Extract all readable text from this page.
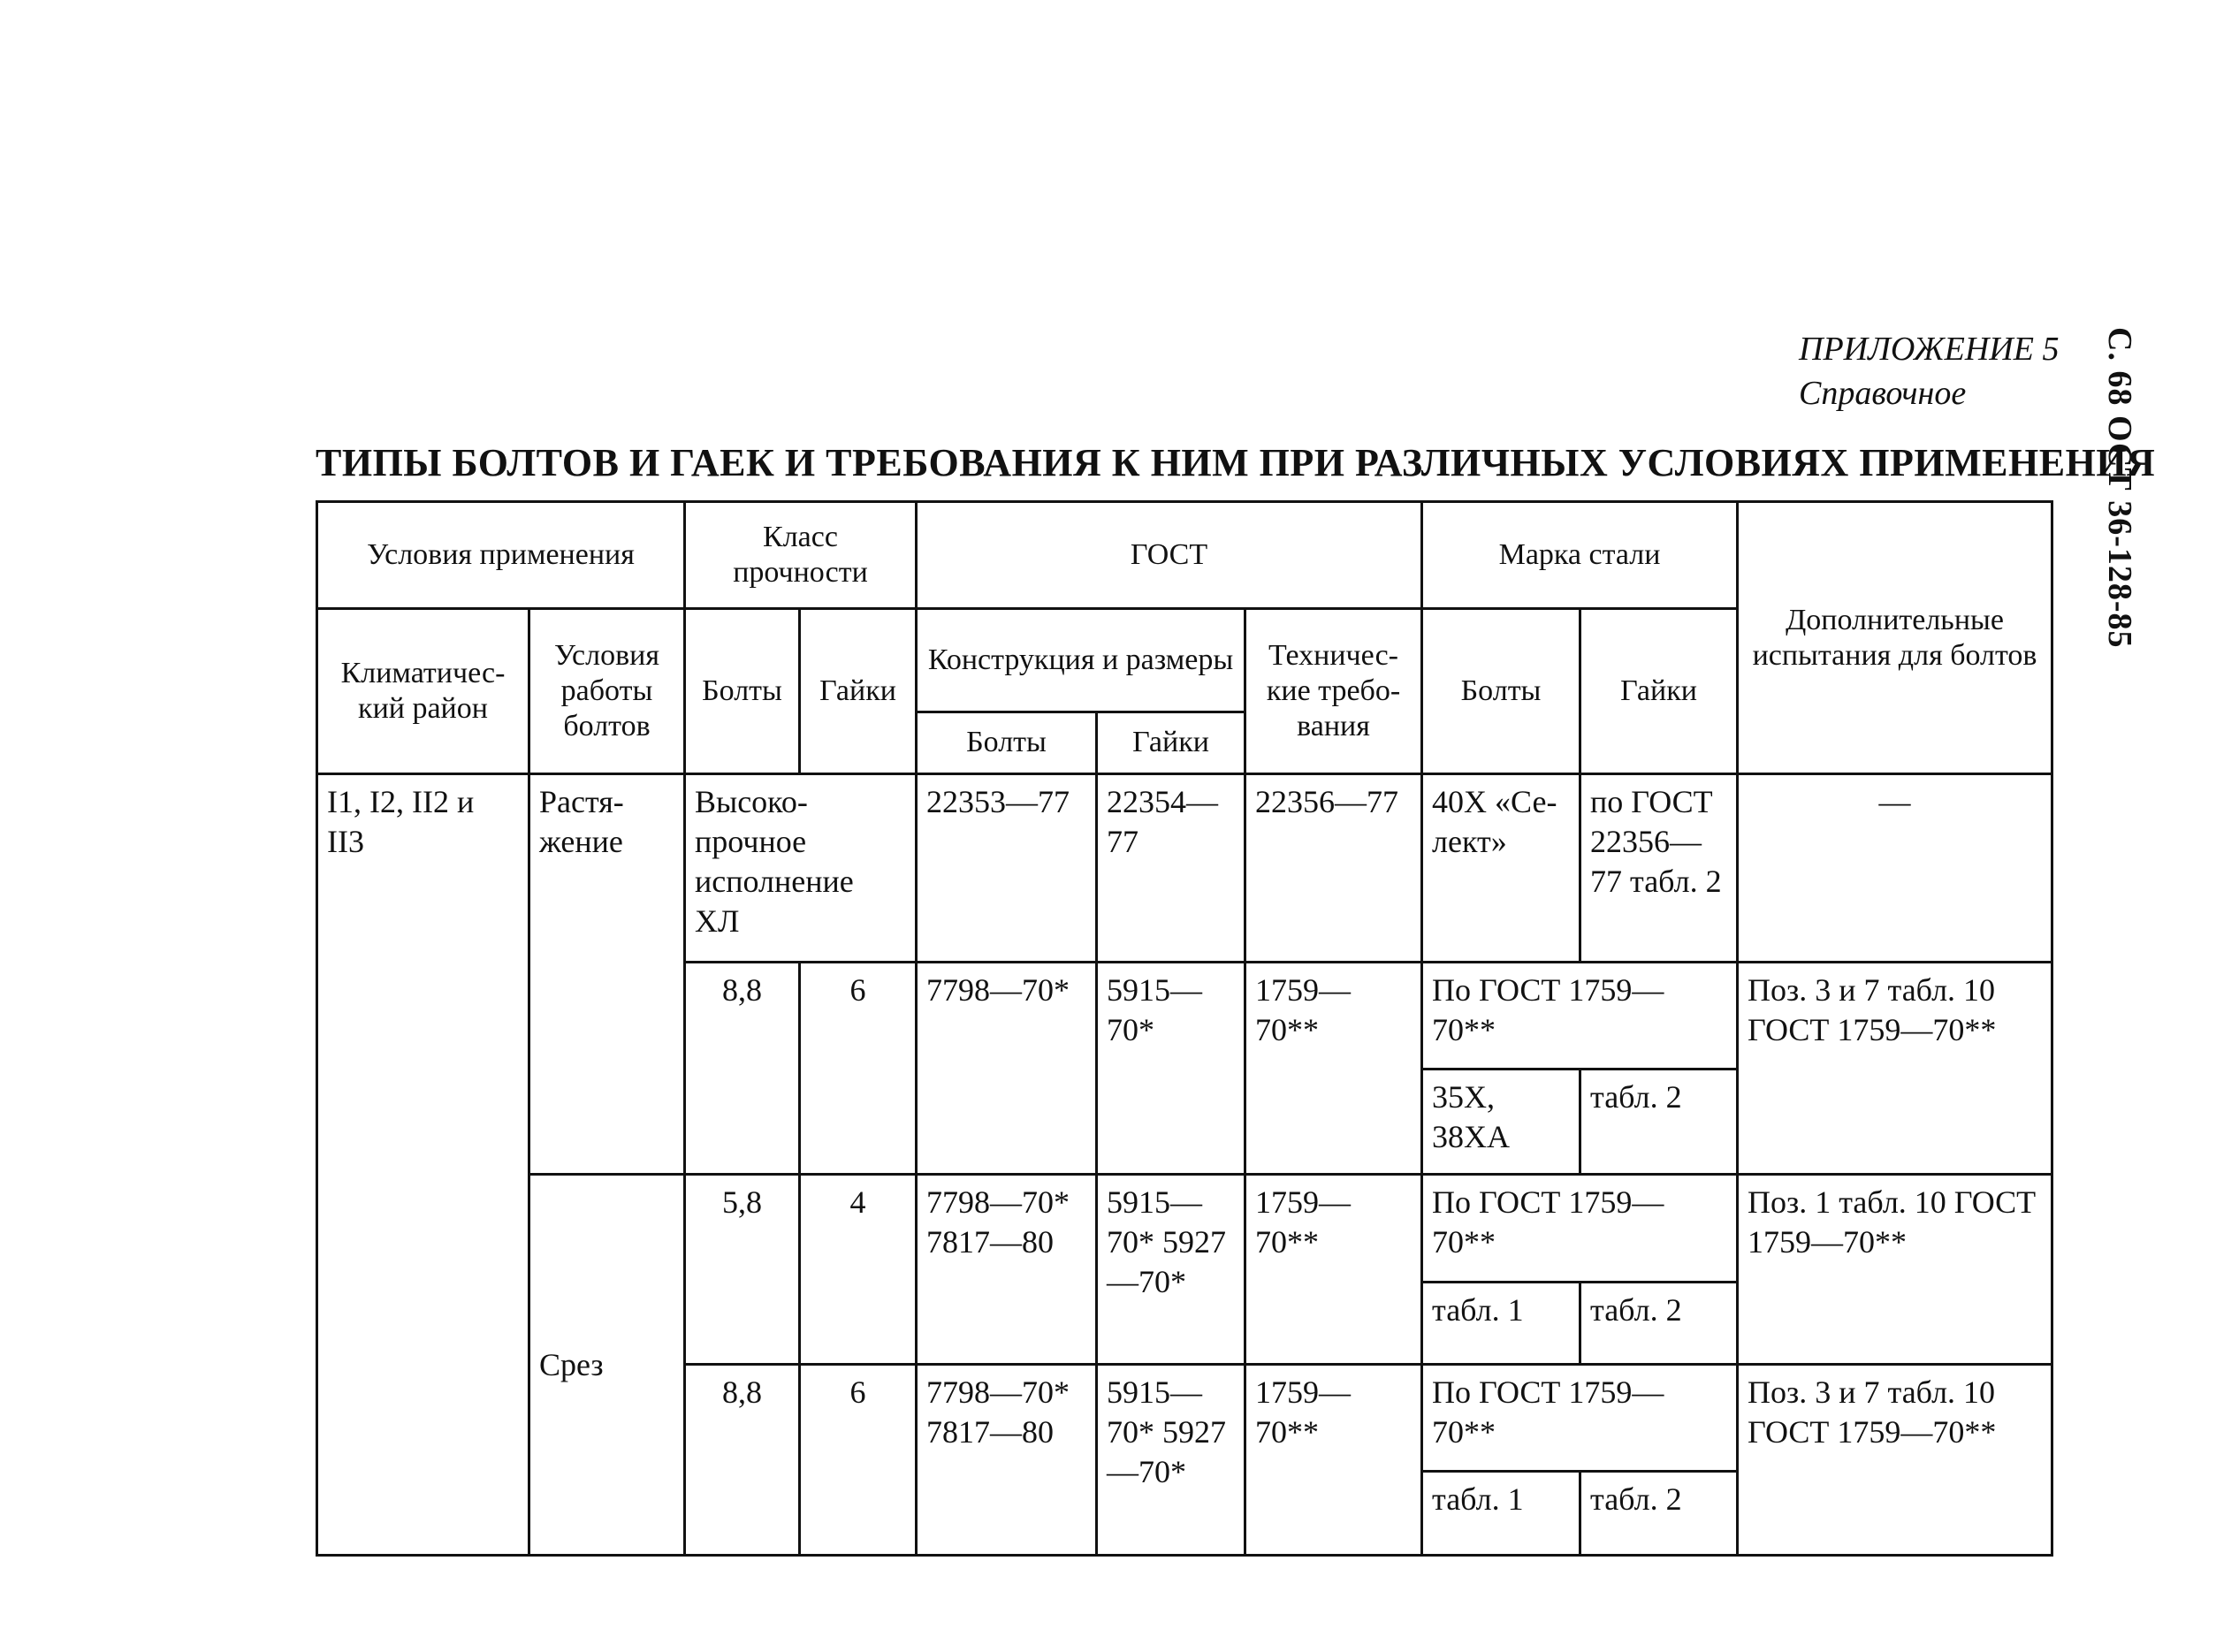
ПРИЛОЖЕНИЕ 5
Справочное	С. 68 ОСТ 36-128-85
ТИПЫ БОЛТОВ И ГАЕК И ТРЕБОВАНИЯ К НИМ ПРИ РАЗЛИЧНЫХ УСЛОВИЯХ ПРИМЕНЕНИЯ
Условия применения		Класс прочности		ГОСТ			Марка стали		Дополнительные испытания для болтов
Климатичес-кий район	Условия работы болтов	Болты	Гайки	Конструкция и размеры		Техничес-кие требо-вания	Болты	Гайки	
				Болты	Гайки				
I1, I2, II2 и II3	Растя-жение	Высоко-прочное исполнение ХЛ		22353—77	22354—77	22356—77	40Х «Се-лект»	по ГОСТ 22356—77 табл. 2	—
		8,8	6	7798—70*	5915—70*	1759—70**	По ГОСТ 1759—70**		Поз. 3 и 7 табл. 10 ГОСТ 1759—70**
							35Х, 38ХА	табл. 2	
	Срез	5,8	4	7798—70* 7817—80	5915—70* 5927—70*	1759—70**	По ГОСТ 1759—70**		Поз. 1 табл. 10 ГОСТ 1759—70**
							табл. 1	табл. 2	
		8,8	6	7798—70* 7817—80	5915—70* 5927—70*	1759—70**	По ГОСТ 1759—70**		Поз. 3 и 7 табл. 10 ГОСТ 1759—70**
							табл. 1	табл. 2	
